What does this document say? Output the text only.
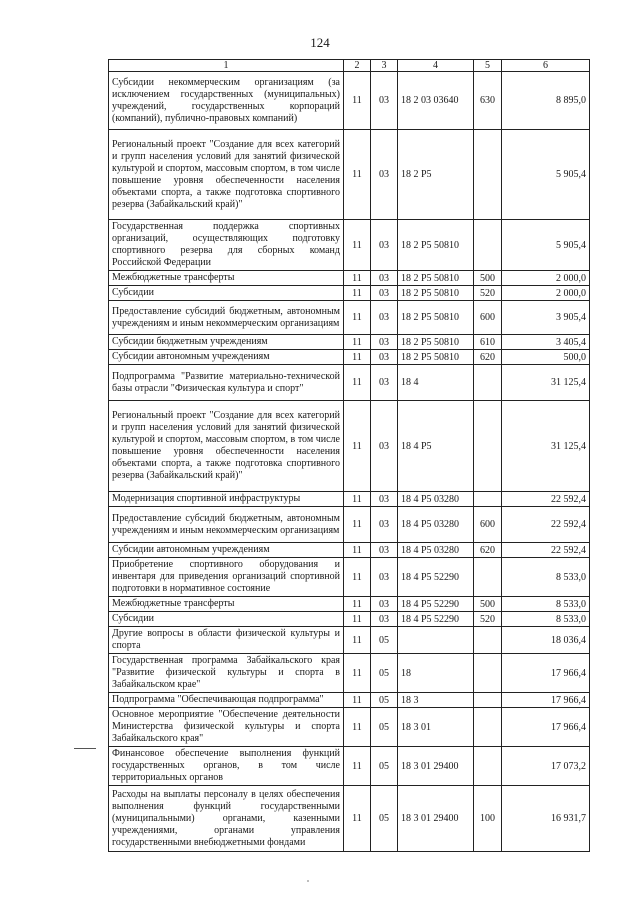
124
1	2	3	4	5	6
Субсидии некоммерческим организациям (за исключением государственных (муниципальных) учреждений, государственных корпораций (компаний), публично-правовых компаний)	11	03	18 2 03 03640	630	8 895,0
Региональный проект "Создание для всех категорий и групп населения условий для занятий физической культурой и спортом, массовым спортом, в том числе повышение уровня обеспеченности населения объектами спорта, а также подготовка спортивного резерва (Забайкальский край)"	11	03	18 2 P5		5 905,4
Государственная поддержка спортивных организаций, осуществляющих подготовку спортивного резерва для сборных команд Российской Федерации	11	03	18 2 P5 50810		5 905,4
Межбюджетные трансферты	11	03	18 2 P5 50810	500	2 000,0
Субсидии	11	03	18 2 P5 50810	520	2 000,0
Предоставление субсидий бюджетным, автономным учреждениям и иным некоммерческим организациям	11	03	18 2 P5 50810	600	3 905,4
Субсидии бюджетным учреждениям	11	03	18 2 P5 50810	610	3 405,4
Субсидии автономным учреждениям	11	03	18 2 P5 50810	620	500,0
Подпрограмма "Развитие материально-технической базы отрасли "Физическая культура и спорт"	11	03	18 4		31 125,4
Региональный проект "Создание для всех категорий и групп населения условий для занятий физической культурой и спортом, массовым спортом, в том числе повышение уровня обеспеченности населения объектами спорта, а также подготовка спортивного резерва (Забайкальский край)"	11	03	18 4 P5		31 125,4
Модернизация спортивной инфраструктуры	11	03	18 4 P5 03280		22 592,4
Предоставление субсидий бюджетным, автономным учреждениям и иным некоммерческим организациям	11	03	18 4 P5 03280	600	22 592,4
Субсидии автономным учреждениям	11	03	18 4 P5 03280	620	22 592,4
Приобретение спортивного оборудования и инвентаря для приведения организаций спортивной подготовки в нормативное состояние	11	03	18 4 P5 52290		8 533,0
Межбюджетные трансферты	11	03	18 4 P5 52290	500	8 533,0
Субсидии	11	03	18 4 P5 52290	520	8 533,0
Другие вопросы в области физической культуры и спорта	11	05			18 036,4
Государственная программа Забайкальского края "Развитие физической культуры и спорта в Забайкальском крае"	11	05	18		17 966,4
Подпрограмма "Обеспечивающая подпрограмма"	11	05	18 3		17 966,4
Основное мероприятие "Обеспечение деятельности Министерства физической культуры и спорта Забайкальского края"	11	05	18 3 01		17 966,4
Финансовое обеспечение выполнения функций государственных органов, в том числе территориальных органов	11	05	18 3 01 29400		17 073,2
Расходы на выплаты персоналу в целях обеспечения выполнения функций государственными (муниципальными) органами, казенными учреждениями, органами управления государственными внебюджетными фондами	11	05	18 3 01 29400	100	16 931,7
